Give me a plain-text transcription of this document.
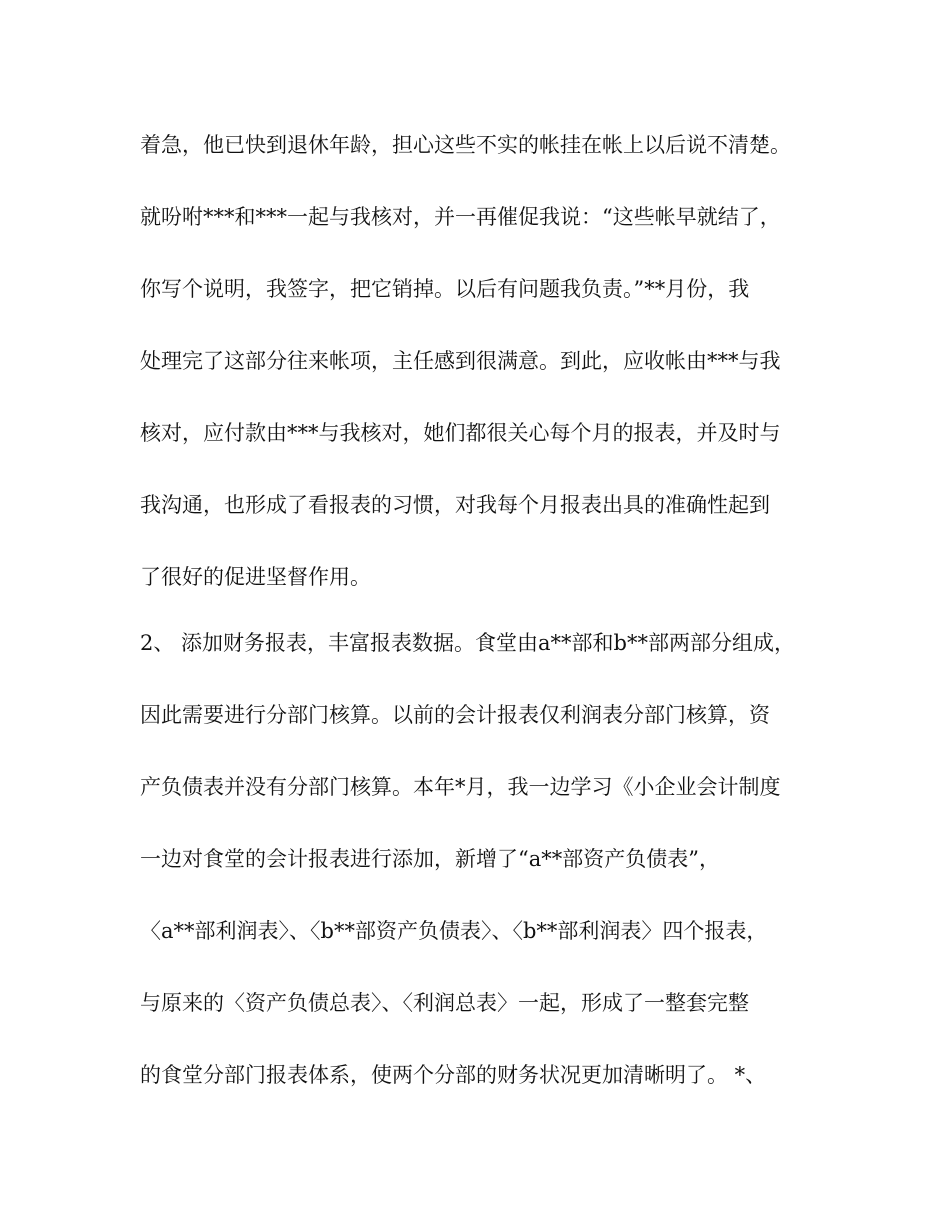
着急，他已快到退休年龄，担心这些不实的帐挂在帐上以后说不清楚。
就吩咐***和***一起与我核对，并一再催促我说：“这些帐早就结了，
你写个说明，我签字，把它销掉。以后有问题我负责。”**月份，我
处理完了这部分往来帐项，主任感到很满意。到此，应收帐由***与我
核对，应付款由***与我核对，她们都很关心每个月的报表，并及时与
我沟通，也形成了看报表的习惯，对我每个月报表出具的准确性起到
了很好的促进坚督作用。
2、 添加财务报表，丰富报表数据。食堂由a**部和b**部两部分组成，
因此需要进行分部门核算。以前的会计报表仅利润表分部门核算，资
产负债表并没有分部门核算。本年*月，我一边学习《小企业会计制度
一边对食堂的会计报表进行添加，新增了“a**部资产负债表”，
〈a**部利润表〉、〈b**部资产负债表〉、〈b**部利润表〉四个报表，
与原来的〈资产负债总表〉、〈利润总表〉一起，形成了一整套完整
的食堂分部门报表体系，使两个分部的财务状况更加清晰明了。 *、
